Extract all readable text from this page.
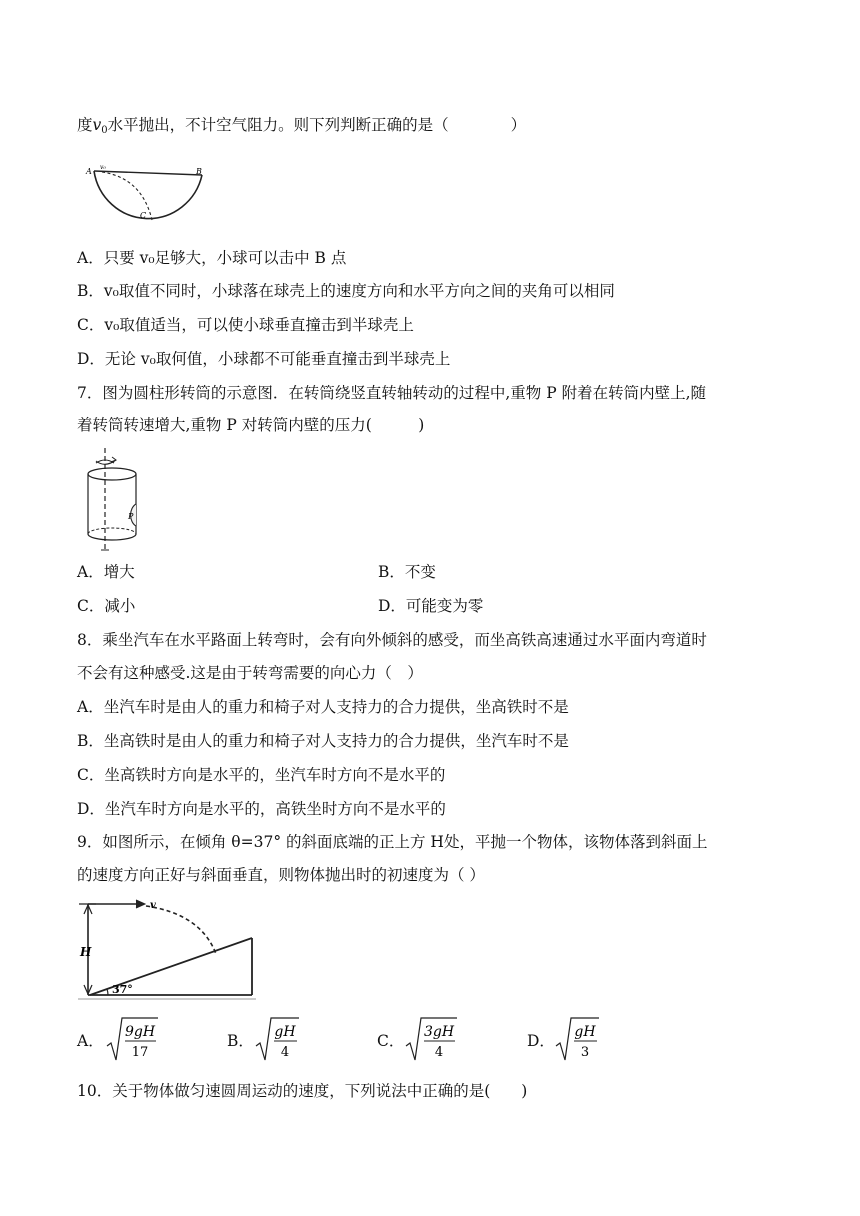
度$v_0$水平抛出，不计空气阻力。则下列判断正确的是（　　　　）
A	B
C
v₀
A．只要 v₀足够大，小球可以击中 B 点
B．v₀取值不同时，小球落在球壳上的速度方向和水平方向之间的夹角可以相同
C．v₀取值适当，可以使小球垂直撞击到半球壳上
D．无论 v₀取何值，小球都不可能垂直撞击到半球壳上
7．图为圆柱形转筒的示意图．在转筒绕竖直转轴转动的过程中,重物 P 附着在转筒内壁上,随
着转筒转速增大,重物 P 对转筒内壁的压力(　　　)
P
A．增大	B．不变
C．减小	D．可能变为零
8．乘坐汽车在水平路面上转弯时，会有向外倾斜的感受，而坐高铁高速通过水平面内弯道时
不会有这种感受.这是由于转弯需要的向心力（　）
A．坐汽车时是由人的重力和椅子对人支持力的合力提供，坐高铁时不是
B．坐高铁时是由人的重力和椅子对人支持力的合力提供，坐汽车时不是
C．坐高铁时方向是水平的，坐汽车时方向不是水平的
D．坐汽车时方向是水平的，高铁坐时方向不是水平的
9．如图所示，在倾角 θ=37° 的斜面底端的正上方 H处，平抛一个物体，该物体落到斜面上
的速度方向正好与斜面垂直，则物体抛出时的初速度为（ ）
H
v
37°
A． 9gH
17
B． gH
4
C． 3gH
4
D． gH
3
10．关于物体做匀速圆周运动的速度，下列说法中正确的是(　　)
